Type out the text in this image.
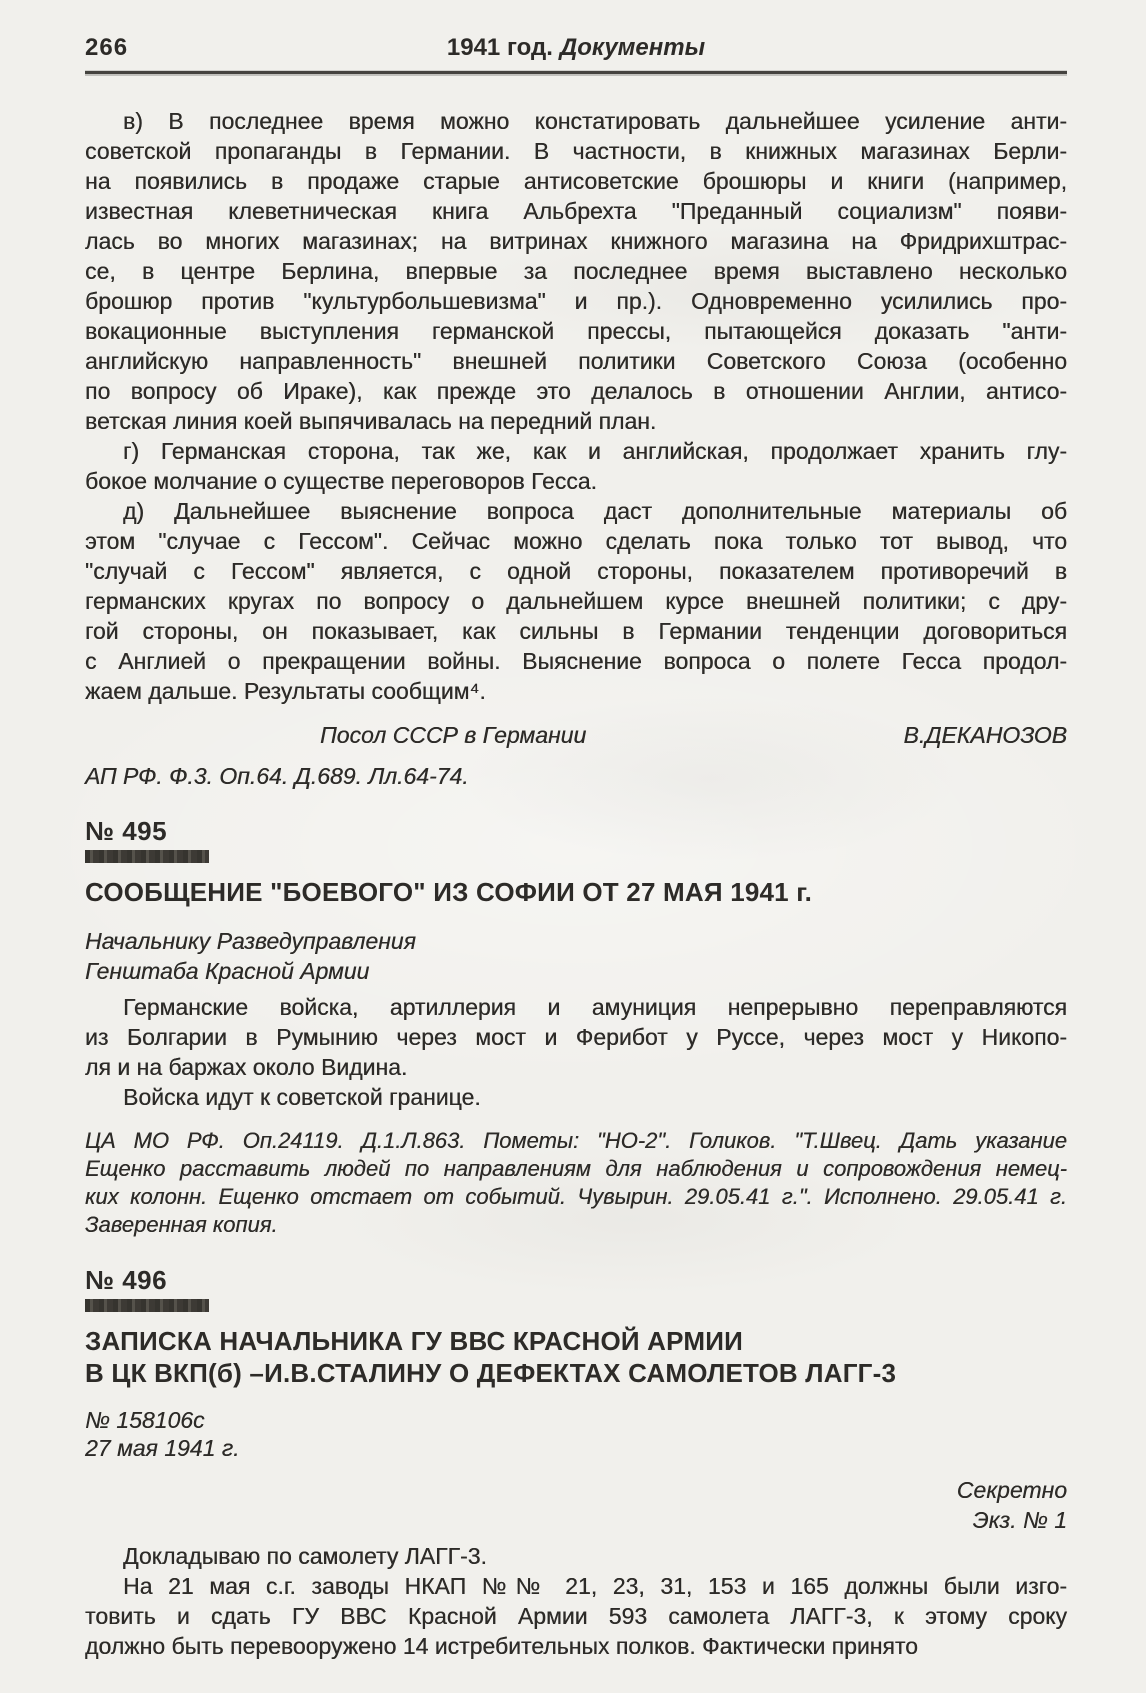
266	1941 год. Документы
в) В последнее время можно констатировать дальнейшее усиление анти-
советской пропаганды в Германии. В частности, в книжных магазинах Берли-
на появились в продаже старые антисоветские брошюры и книги (например,
известная клеветническая книга Альбрехта "Преданный социализм" появи-
лась во многих магазинах; на витринах книжного магазина на Фридрихштрас-
се, в центре Берлина, впервые за последнее время выставлено несколько
брошюр против "культурбольшевизма" и пр.). Одновременно усилились про-
вокационные выступления германской прессы, пытающейся доказать "анти-
английскую направленность" внешней политики Советского Союза (особенно
по вопросу об Ираке), как прежде это делалось в отношении Англии, антисо-
ветская линия коей выпячивалась на передний план.
г) Германская сторона, так же, как и английская, продолжает хранить глу-
бокое молчание о существе переговоров Гесса.
д) Дальнейшее выяснение вопроса даст дополнительные материалы об
этом "случае с Гессом". Сейчас можно сделать пока только тот вывод, что
"случай с Гессом" является, с одной стороны, показателем противоречий в
германских кругах по вопросу о дальнейшем курсе внешней политики; с дру-
гой стороны, он показывает, как сильны в Германии тенденции договориться
с Англией о прекращении войны. Выяснение вопроса о полете Гесса продол-
жаем дальше. Результаты сообщим⁴.
Посол СССР в Германии	В.ДЕКАНОЗОВ
АП РФ. Ф.3. Оп.64. Д.689. Лл.64-74.
№ 495
СООБЩЕНИЕ "БОЕВОГО" ИЗ СОФИИ ОТ 27 МАЯ 1941 г.
Начальнику Разведуправления
Генштаба Красной Армии
Германские войска, артиллерия и амуниция непрерывно переправляются
из Болгарии в Румынию через мост и Ферибот у Руссе, через мост у Никопо-
ля и на баржах около Видина.
Войска идут к советской границе.
ЦА МО РФ. Оп.24119. Д.1.Л.863. Пометы: "НО-2". Голиков. "Т.Швец. Дать указание
Ещенко расставить людей по направлениям для наблюдения и сопровождения немец-
ких колонн. Ещенко отстает от событий. Чувырин. 29.05.41 г.". Исполнено. 29.05.41 г.
Заверенная копия.
№ 496
ЗАПИСКА НАЧАЛЬНИКА ГУ ВВС КРАСНОЙ АРМИИ
В ЦК ВКП(б) –И.В.СТАЛИНУ О ДЕФЕКТАХ САМОЛЕТОВ ЛАГГ-3
№ 158106с
27 мая 1941 г.
Секретно
Экз. № 1
Докладываю по самолету ЛАГГ-3.
На 21 мая с.г. заводы НКАП №№ 21, 23, 31, 153 и 165 должны были изго-
товить и сдать ГУ ВВС Красной Армии 593 самолета ЛАГГ-3, к этому сроку
должно быть перевооружено 14 истребительных полков. Фактически принято
